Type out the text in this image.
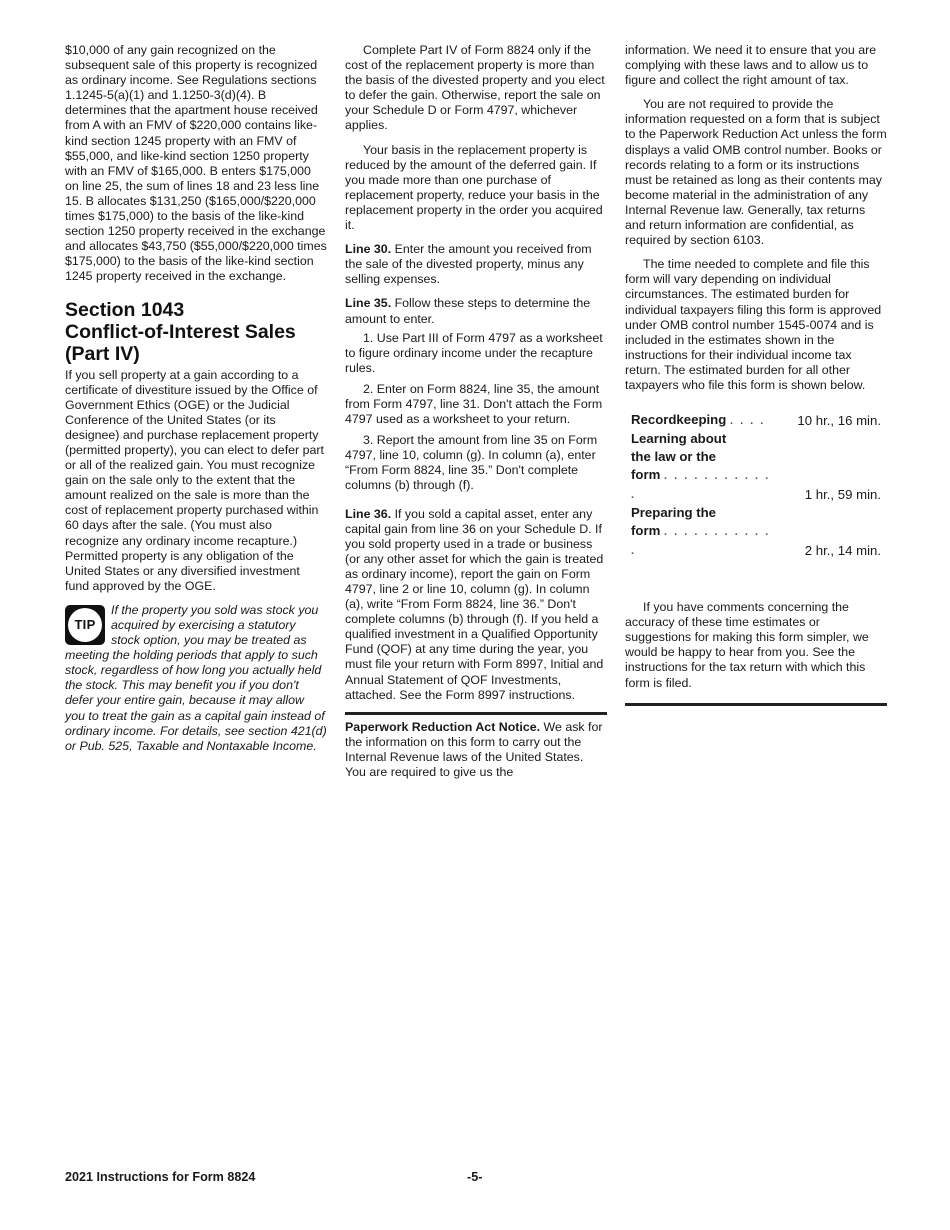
$10,000 of any gain recognized on the subsequent sale of this property is recognized as ordinary income. See Regulations sections 1.1245-5(a)(1) and 1.1250-3(d)(4). B determines that the apartment house received from A with an FMV of $220,000 contains like-kind section 1245 property with an FMV of $55,000, and like-kind section 1250 property with an FMV of $165,000. B enters $175,000 on line 25, the sum of lines 18 and 23 less line 15. B allocates $131,250 ($165,000/$220,000 times $175,000) to the basis of the like-kind section 1250 property received in the exchange and allocates $43,750 ($55,000/$220,000 times $175,000) to the basis of the like-kind section 1245 property received in the exchange.

Section 1043
Conflict-of-Interest Sales
(Part IV)

If you sell property at a gain according to a certificate of divestiture issued by the Office of Government Ethics (OGE) or the Judicial Conference of the United States (or its designee) and purchase replacement property (permitted property), you can elect to defer part or all of the realized gain. You must recognize gain on the sale only to the extent that the amount realized on the sale is more than the cost of replacement property purchased within 60 days after the sale. (You must also recognize any ordinary income recapture.) Permitted property is any obligation of the United States or any diversified investment fund approved by the OGE.

TIP
If the property you sold was stock you acquired by exercising a statutory stock option, you may be treated as meeting the holding periods that apply to such stock, regardless of how long you actually held the stock. This may benefit you if you don't defer your entire gain, because it may allow you to treat the gain as a capital gain instead of ordinary income. For details, see section 421(d) or Pub. 525, Taxable and Nontaxable Income.

Complete Part IV of Form 8824 only if the cost of the replacement property is more than the basis of the divested property and you elect to defer the gain. Otherwise, report the sale on your Schedule D or Form 4797, whichever applies.

Your basis in the replacement property is reduced by the amount of the deferred gain. If you made more than one purchase of replacement property, reduce your basis in the replacement property in the order you acquired it.

Line 30. Enter the amount you received from the sale of the divested property, minus any selling expenses.

Line 35. Follow these steps to determine the amount to enter.

1. Use Part III of Form 4797 as a worksheet to figure ordinary income under the recapture rules.

2. Enter on Form 8824, line 35, the amount from Form 4797, line 31. Don't attach the Form 4797 used as a worksheet to your return.

3. Report the amount from line 35 on Form 4797, line 10, column (g). In column (a), enter “From Form 8824, line 35.” Don't complete columns (b) through (f).

Line 36. If you sold a capital asset, enter any capital gain from line 36 on your Schedule D. If you sold property used in a trade or business (or any other asset for which the gain is treated as ordinary income), report the gain on Form 4797, line 2 or line 10, column (g). In column (a), write “From Form 8824, line 36.” Don't complete columns (b) through (f). If you held a qualified investment in a Qualified Opportunity Fund (QOF) at any time during the year, you must file your return with Form 8997, Initial and Annual Statement of QOF Investments, attached. See the Form 8997 instructions.

Paperwork Reduction Act Notice. We ask for the information on this form to carry out the Internal Revenue laws of the United States. You are required to give us the

information. We need it to ensure that you are complying with these laws and to allow us to figure and collect the right amount of tax.

You are not required to provide the information requested on a form that is subject to the Paperwork Reduction Act unless the form displays a valid OMB control number. Books or records relating to a form or its instructions must be retained as long as their contents may become material in the administration of any Internal Revenue law. Generally, tax returns and return information are confidential, as required by section 6103.

The time needed to complete and file this form will vary depending on individual circumstances. The estimated burden for individual taxpayers filing this form is approved under OMB control number 1545-0074 and is included in the estimates shown in the instructions for their individual income tax return. The estimated burden for all other taxpayers who file this form is shown below.

Recordkeeping . . . .	10 hr., 16 min.
Learning about
the law or the
form . . . . . . . . . . . .	1 hr., 59 min.
Preparing the
form . . . . . . . . . . . .	2 hr., 14 min.

If you have comments concerning the accuracy of these time estimates or suggestions for making this form simpler, we would be happy to hear from you. See the instructions for the tax return with which this form is filed.

2021 Instructions for Form 8824	-5-
